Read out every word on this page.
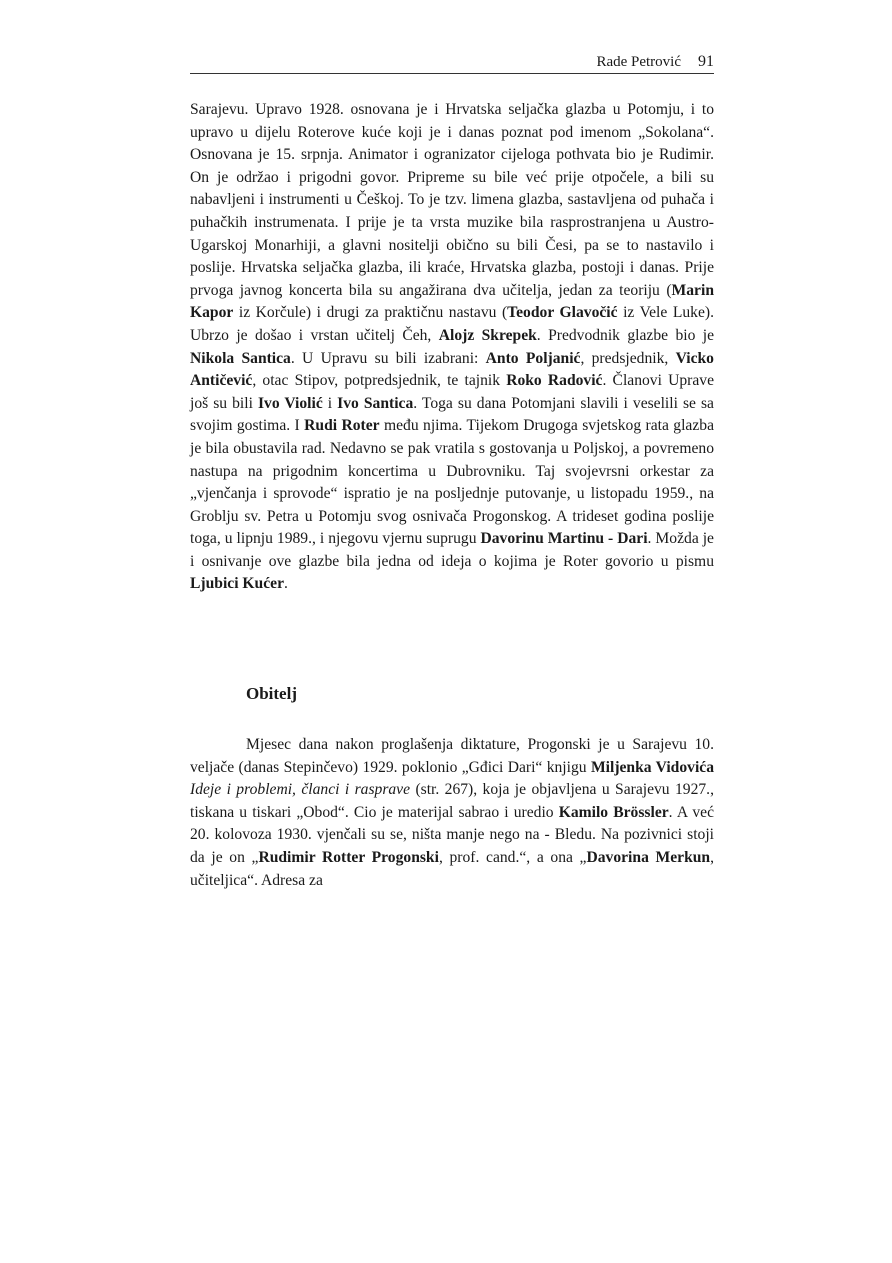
Rade Petrović 91

Sarajevu. Upravo 1928. osnovana je i Hrvatska seljačka glazba u Potomju, i to upravo u dijelu Roterove kuće koji je i danas poznat pod imenom „Sokolana“. Osnovana je 15. srpnja. Animator i ogranizator cijeloga pothvata bio je Rudimir. On je održao i prigodni govor. Pripreme su bile već prije otpočele, a bili su nabavljeni i instrumenti u Češkoj. To je tzv. limena glazba, sastavljena od puhača i puhačkih instrumenata. I prije je ta vrsta muzike bila rasprostranjena u Austro-Ugarskoj Monarhiji, a glavni nositelji obično su bili Česi, pa se to nastavilo i poslije. Hrvatska seljačka glazba, ili kraće, Hrvatska glazba, postoji i danas. Prije prvoga javnog koncerta bila su angažirana dva učitelja, jedan za teoriju (Marin Kapor iz Korčule) i drugi za praktičnu nastavu (Teodor Glavočić iz Vele Luke). Ubrzo je došao i vrstan učitelj Čeh, Alojz Skrepek. Predvodnik glazbe bio je Nikola Santica. U Upravu su bili izabrani: Anto Poljanić, predsjednik, Vicko Antičević, otac Stipov, potpredsjednik, te tajnik Roko Radović. Članovi Uprave još su bili Ivo Violić i Ivo Santica. Toga su dana Potomjani slavili i veselili se sa svojim gostima. I Rudi Roter među njima. Tijekom Drugoga svjetskog rata glazba je bila obustavila rad. Nedavno se pak vratila s gostovanja u Poljskoj, a povremeno nastupa na prigodnim koncertima u Dubrovniku. Taj svojevrsni orkestar za „vjenčanja i sprovode“ ispratio je na posljednje putovanje, u listopadu 1959., na Groblju sv. Petra u Potomju svog osnivača Progonskog. A trideset godina poslije toga, u lipnju 1989., i njegovu vjernu suprugu Davorinu Martinu - Dari. Možda je i osnivanje ove glazbe bila jedna od ideja o kojima je Roter govorio u pismu Ljubici Kućer.

Obitelj
Mjesec dana nakon proglašenja diktature, Progonski je u Sarajevu 10. veljače (danas Stepinčevo) 1929. poklonio „Gđici Dari“ knjigu Miljenka Vidovića Ideje i problemi, članci i rasprave (str. 267), koja je objavljena u Sarajevu 1927., tiskana u tiskari „Obod“. Cio je materijal sabrao i uredio Kamilo Brössler. A već 20. kolovoza 1930. vjenčali su se, ništa manje nego na - Bledu. Na pozivnici stoji da je on „Rudimir Rotter Progonski, prof. cand.“, a ona „Davorina Merkun, učiteljica“. Adresa za
